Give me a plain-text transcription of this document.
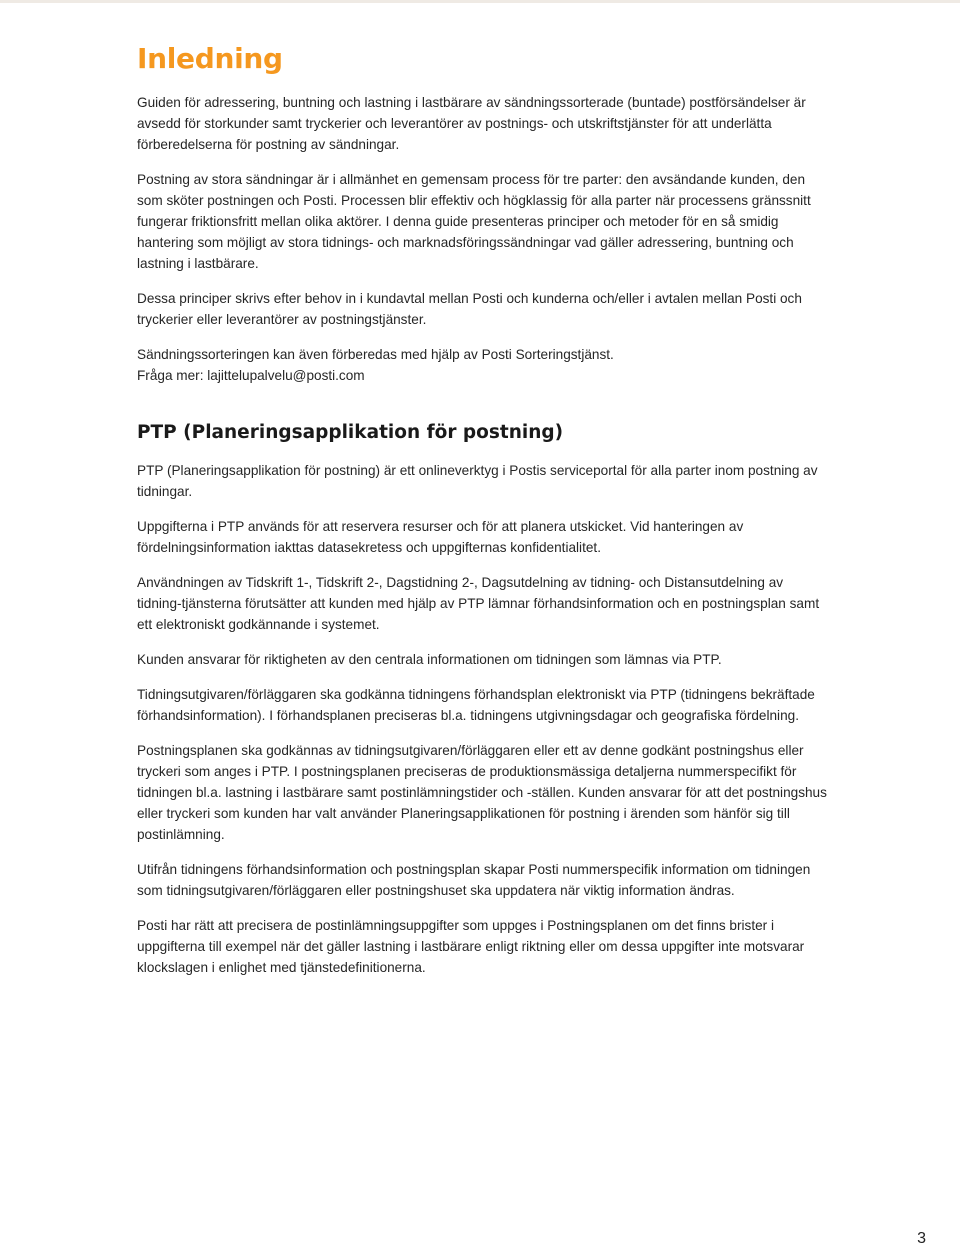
Inledning

Guiden för adressering, buntning och lastning i lastbärare av sändningssorterade (buntade) postförsändelser är avsedd för storkunder samt tryckerier och leverantörer av postnings- och utskriftstjänster för att underlätta förberedelserna för postning av sändningar.

Postning av stora sändningar är i allmänhet en gemensam process för tre parter: den avsändande kunden, den som sköter postningen och Posti. Processen blir effektiv och högklassig för alla parter när processens gränssnitt fungerar friktionsfritt mellan olika aktörer. I denna guide presenteras principer och metoder för en så smidig hantering som möjligt av stora tidnings- och marknadsföringssändningar vad gäller adressering, buntning och lastning i lastbärare.

Dessa principer skrivs efter behov in i kundavtal mellan Posti och kunderna och/eller i avtalen mellan Posti och tryckerier eller leverantörer av postningstjänster.

Sändningssorteringen kan även förberedas med hjälp av Posti Sorteringstjänst.

Fråga mer: lajittelupalvelu@posti.com

PTP (Planeringsapplikation för postning)

PTP (Planeringsapplikation för postning) är ett onlineverktyg i Postis serviceportal för alla parter inom postning av tidningar.

Uppgifterna i PTP används för att reservera resurser och för att planera utskicket. Vid hanteringen av fördelningsinformation iakttas datasekretess och uppgifternas konfidentialitet.

Användningen av Tidskrift 1-, Tidskrift 2-, Dagstidning 2-, Dagsutdelning av tidning- och Distansutdelning av tidning-tjänsterna förutsätter att kunden med hjälp av PTP lämnar förhandsinformation och en postningsplan samt ett elektroniskt godkännande i systemet.

Kunden ansvarar för riktigheten av den centrala informationen om tidningen som lämnas via PTP.

Tidningsutgivaren/förläggaren ska godkänna tidningens förhandsplan elektroniskt via PTP (tidningens bekräftade förhandsinformation). I förhandsplanen preciseras bl.a. tidningens utgivningsdagar och geografiska fördelning.

Postningsplanen ska godkännas av tidningsutgivaren/förläggaren eller ett av denne godkänt postningshus eller tryckeri som anges i PTP. I postningsplanen preciseras de produktionsmässiga detaljerna nummerspecifikt för tidningen bl.a. lastning i lastbärare samt postinlämningstider och -ställen. Kunden ansvarar för att det postningshus eller tryckeri som kunden har valt använder Planeringsapplikationen för postning i ärenden som hänför sig till postinlämning.

Utifrån tidningens förhandsinformation och postningsplan skapar Posti nummerspecifik information om tidningen som tidningsutgivaren/förläggaren eller postningshuset ska uppdatera när viktig information ändras.

Posti har rätt att precisera de postinlämningsuppgifter som uppges i Postningsplanen om det finns brister i uppgifterna till exempel när det gäller lastning i lastbärare enligt riktning eller om dessa uppgifter inte motsvarar klockslagen i enlighet med tjänstedefinitionerna.

3
